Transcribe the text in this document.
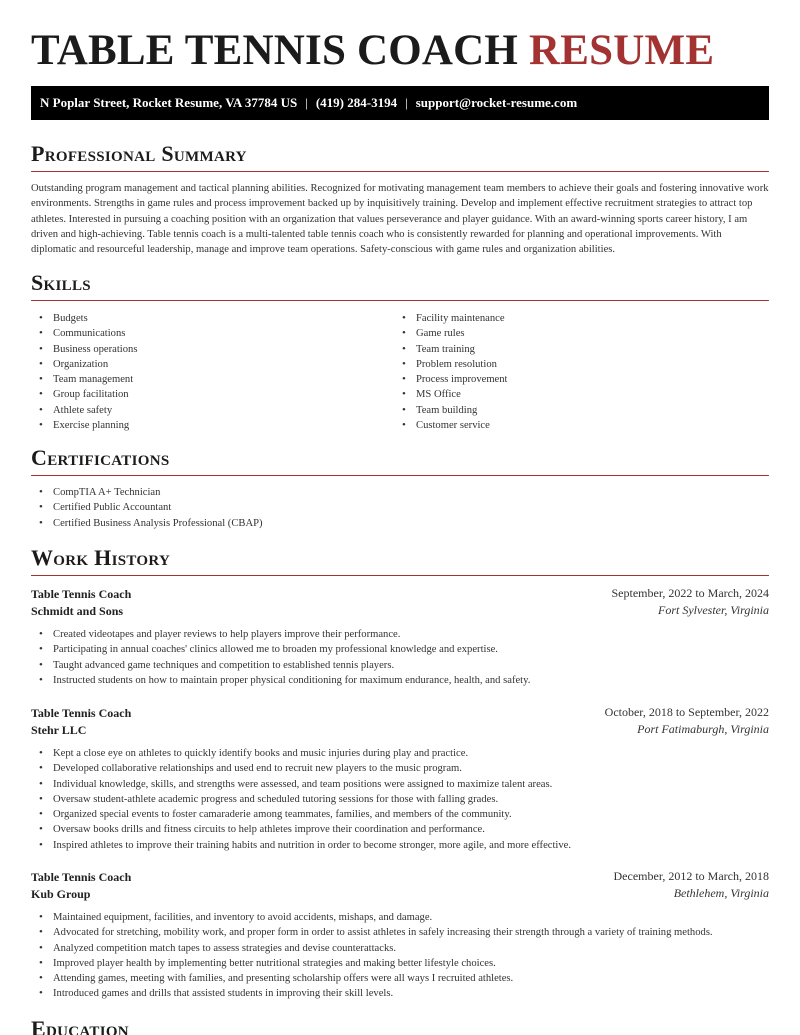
TABLE TENNIS COACH RESUME
N Poplar Street, Rocket Resume, VA 37784 US | (419) 284-3194 | support@rocket-resume.com
Professional Summary

Outstanding program management and tactical planning abilities. Recognized for motivating management team members to achieve their goals and fostering innovative work environments. Strengths in game rules and process improvement backed up by inquisitively training. Develop and implement effective recruitment strategies to attract top athletes. Interested in pursuing a coaching position with an organization that values perseverance and player guidance. With an award-winning sports career history, I am driven and high-achieving. Table tennis coach is a multi-talented table tennis coach who is consistently rewarded for planning and operational improvements. With diplomatic and resourceful leadership, manage and improve team operations. Safety-conscious with game rules and organization abilities.

Skills
• Budgets
• Communications
• Business operations
• Organization
• Team management
• Group facilitation
• Athlete safety
• Exercise planning
• Facility maintenance
• Game rules
• Team training
• Problem resolution
• Process improvement
• MS Office
• Team building
• Customer service
Certifications
• CompTIA A+ Technician
• Certified Public Accountant
• Certified Business Analysis Professional (CBAP)
Work History
Table Tennis Coach	September, 2022 to March, 2024
Schmidt and Sons	Fort Sylvester, Virginia
• Created videotapes and player reviews to help players improve their performance.
• Participating in annual coaches' clinics allowed me to broaden my professional knowledge and expertise.
• Taught advanced game techniques and competition to established tennis players.
• Instructed students on how to maintain proper physical conditioning for maximum endurance, health, and safety.
Table Tennis Coach	October, 2018 to September, 2022
Stehr LLC	Port Fatimaburgh, Virginia
• Kept a close eye on athletes to quickly identify books and music injuries during play and practice.
• Developed collaborative relationships and used end to recruit new players to the music program.
• Individual knowledge, skills, and strengths were assessed, and team positions were assigned to maximize talent areas.
• Oversaw student-athlete academic progress and scheduled tutoring sessions for those with falling grades.
• Organized special events to foster camaraderie among teammates, families, and members of the community.
• Oversaw books drills and fitness circuits to help athletes improve their coordination and performance.
• Inspired athletes to improve their training habits and nutrition in order to become stronger, more agile, and more effective.
Table Tennis Coach	December, 2012 to March, 2018
Kub Group	Bethlehem, Virginia
• Maintained equipment, facilities, and inventory to avoid accidents, mishaps, and damage.
• Advocated for stretching, mobility work, and proper form in order to assist athletes in safely increasing their strength through a variety of training methods.
• Analyzed competition match tapes to assess strategies and devise counterattacks.
• Improved player health by implementing better nutritional strategies and making better lifestyle choices.
• Attending games, meeting with families, and presenting scholarship offers were all ways I recruited athletes.
• Introduced games and drills that assisted students in improving their skill levels.
Education
